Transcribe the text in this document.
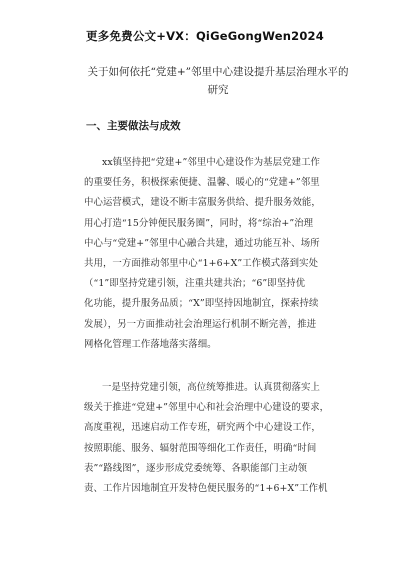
更多免费公文+VX：QiGeGongWen2024
关于如何依托“党建+”邻里中心建设提升基层治理水平的
研究
一、主要做法与成效
xx镇坚持把“党建+”邻里中心建设作为基层党建工作
的重要任务，积极探索便捷、温馨、暖心的“党建+”邻里
中心运营模式，建设不断丰富服务供给、提升服务效能，
用心打造“15分钟便民服务圈”，同时，将“综治+”治理
中心与“党建+”邻里中心融合共建，通过功能互补、场所
共用，一方面推动邻里中心“1+6+X”工作模式落到实处
（“1”即坚持党建引领，注重共建共治；“6”即坚持优
化功能，提升服务品质；“X”即坚持因地制宜，探索持续
发展），另一方面推动社会治理运行机制不断完善，推进
网格化管理工作落地落实落细。
一是坚持党建引领，高位统筹推进。认真贯彻落实上
级关于推进“党建+”邻里中心和社会治理中心建设的要求，
高度重视，迅速启动工作专班，研究两个中心建设工作，
按照职能、服务、辐射范围等细化工作责任，明确“时间
表”“路线图”，逐步形成党委统筹、各职能部门主动领
责、工作片因地制宜开发特色便民服务的“1+6+X”工作机
